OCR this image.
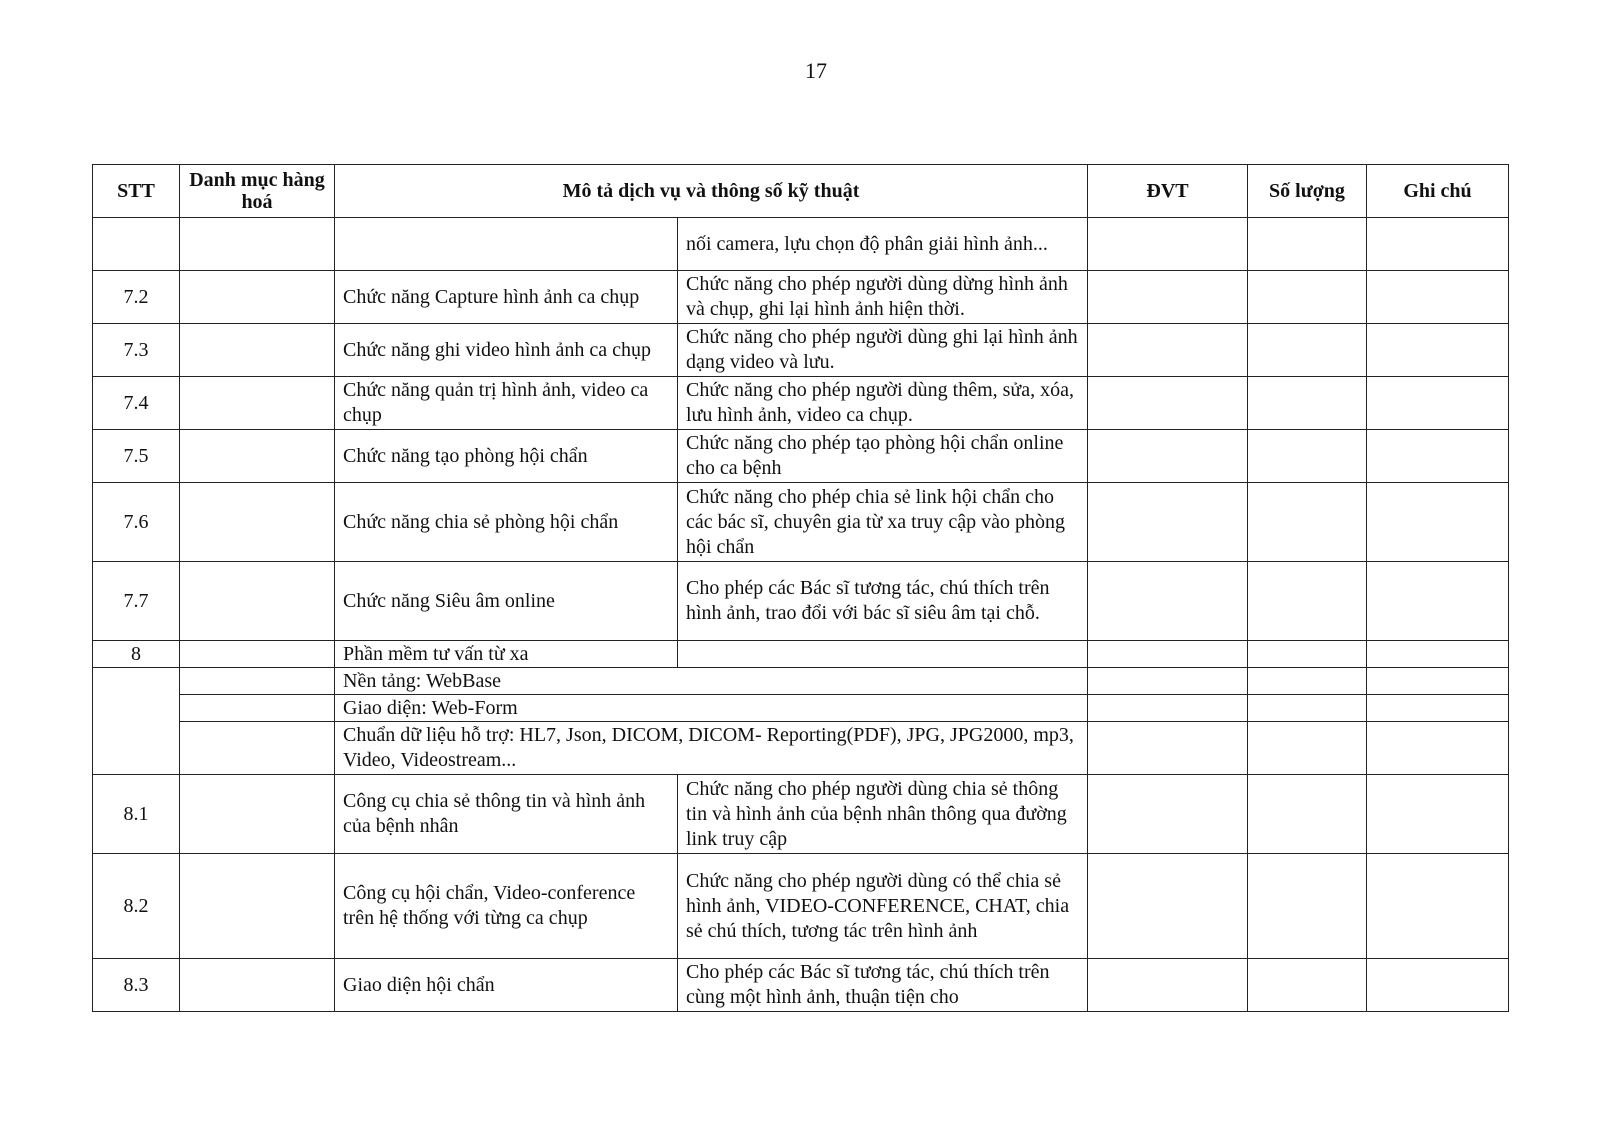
17
STT	Danh mục hàng hoá	Mô tả dịch vụ và thông số kỹ thuật		ĐVT	Số lượng	Ghi chú
			nối camera, lựu chọn độ phân giải hình ảnh...			
7.2		Chức năng Capture hình ảnh ca chụp	Chức năng cho phép người dùng dừng hình ảnh và chụp, ghi lại hình ảnh hiện thời.			
7.3		Chức năng ghi video hình ảnh ca chụp	Chức năng cho phép người dùng ghi lại hình ảnh dạng video và lưu.			
7.4		Chức năng quản trị hình ảnh, video ca chụp	Chức năng cho phép người dùng thêm, sửa, xóa, lưu hình ảnh, video ca chụp.			
7.5		Chức năng tạo phòng hội chẩn	Chức năng cho phép tạo phòng hội chẩn online cho ca bệnh			
7.6		Chức năng chia sẻ phòng hội chẩn	Chức năng cho phép chia sẻ link hội chẩn cho các bác sĩ, chuyên gia từ xa truy cập vào phòng hội chẩn			
7.7		Chức năng Siêu âm online	Cho phép các Bác sĩ tương tác, chú thích trên hình ảnh, trao đổi với bác sĩ siêu âm tại chỗ.			
8		Phần mềm tư vấn từ xa				
		Nền tảng: WebBase				
		Giao diện: Web-Form				
		Chuẩn dữ liệu hỗ trợ: HL7, Json, DICOM, DICOM- Reporting(PDF), JPG, JPG2000, mp3, Video, Videostream...				
8.1		Công cụ chia sẻ thông tin và hình ảnh của bệnh nhân	Chức năng cho phép người dùng chia sẻ thông tin và hình ảnh của bệnh nhân thông qua đường link truy cập			
8.2		Công cụ hội chẩn, Video-conference trên hệ thống với từng ca chụp	Chức năng cho phép người dùng có thể chia sẻ hình ảnh, VIDEO-CONFERENCE, CHAT, chia sẻ chú thích, tương tác trên hình ảnh			
8.3		Giao diện hội chẩn	Cho phép các Bác sĩ tương tác, chú thích trên cùng một hình ảnh, thuận tiện cho			
